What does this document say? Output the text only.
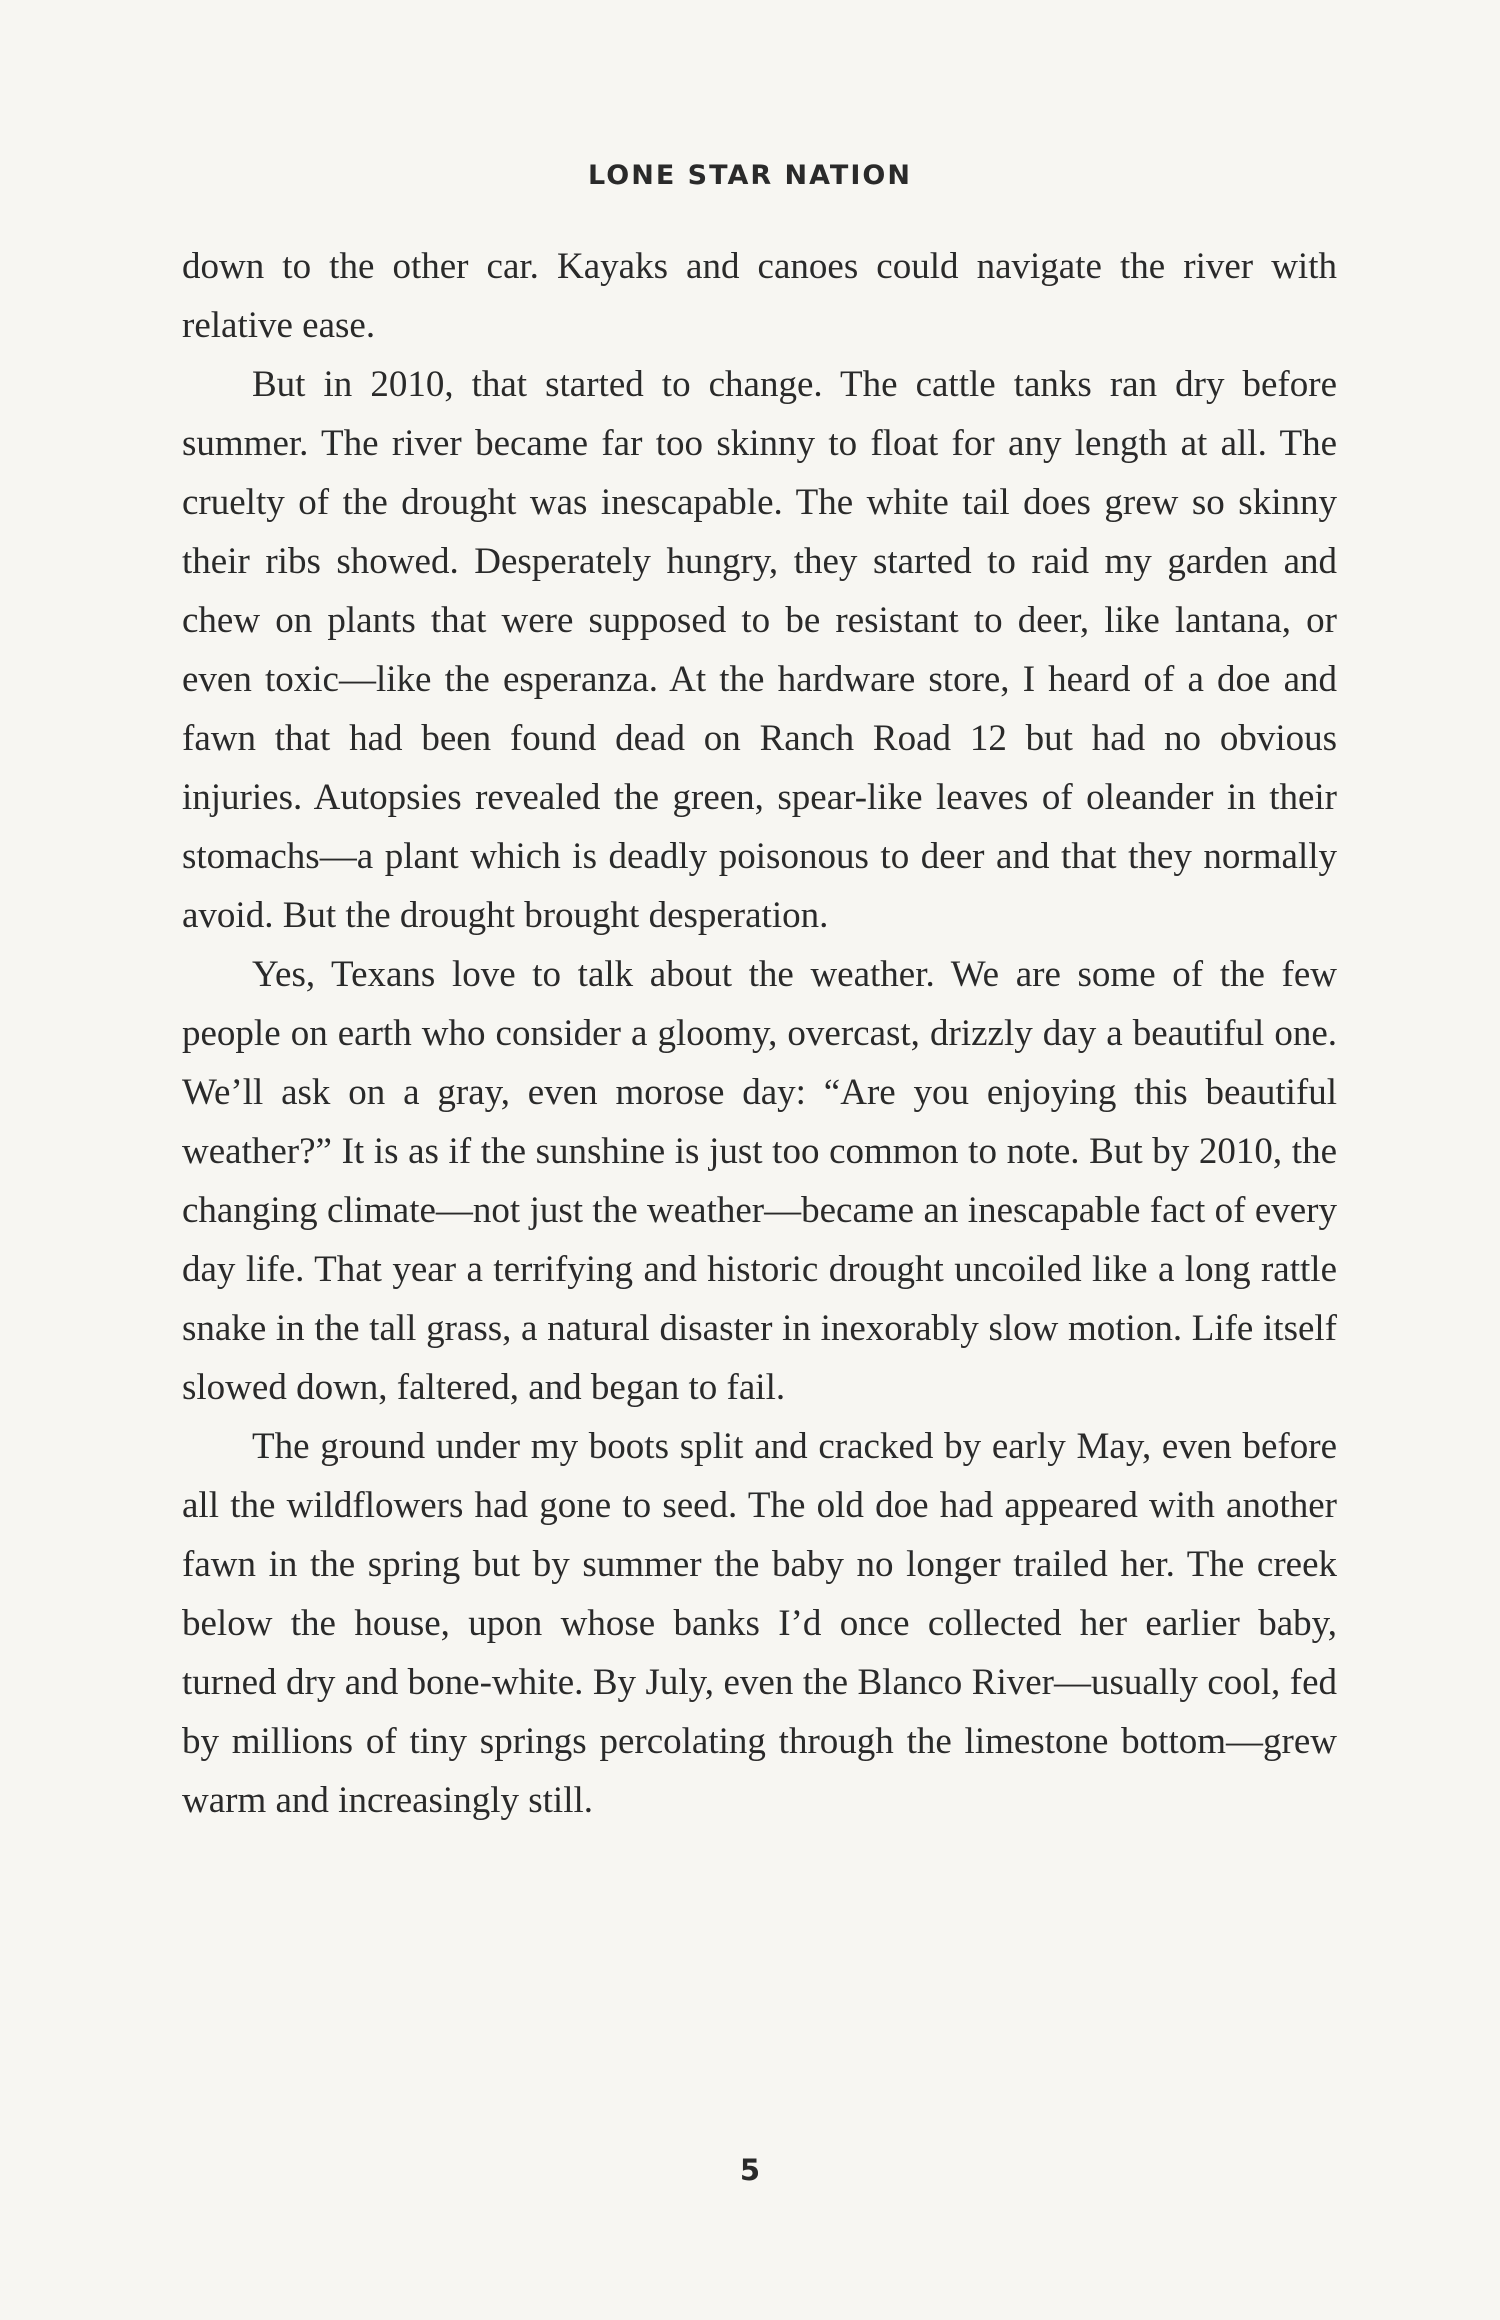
LONE STAR NATION

down to the other car. Kayaks and canoes could navigate the river with relative ease.

But in 2010, that started to change. The cattle tanks ran dry before summer. The river became far too skinny to float for any length at all. The cruelty of the drought was inescapable. The white tail does grew so skinny their ribs showed. Desperately hungry, they started to raid my garden and chew on plants that were supposed to be resistant to deer, like lantana, or even toxic—like the esperanza. At the hardware store, I heard of a doe and fawn that had been found dead on Ranch Road 12 but had no obvious injuries. Autopsies revealed the green, spear-like leaves of oleander in their stomachs—a plant which is deadly poisonous to deer and that they normally avoid. But the drought brought desperation.

Yes, Texans love to talk about the weather. We are some of the few people on earth who consider a gloomy, overcast, drizzly day a beautiful one. We’ll ask on a gray, even morose day: “Are you enjoying this beautiful weather?” It is as if the sunshine is just too common to note. But by 2010, the changing climate—not just the weather—became an inescapable fact of every day life. That year a terrifying and historic drought uncoiled like a long rattle snake in the tall grass, a natural disaster in inexorably slow motion. Life itself slowed down, faltered, and began to fail.

The ground under my boots split and cracked by early May, even before all the wildflowers had gone to seed. The old doe had appeared with another fawn in the spring but by summer the baby no longer trailed her. The creek below the house, upon whose banks I’d once collected her earlier baby, turned dry and bone-white. By July, even the Blanco River—usually cool, fed by millions of tiny springs percolating through the limestone bottom—grew warm and increasingly still.

5
